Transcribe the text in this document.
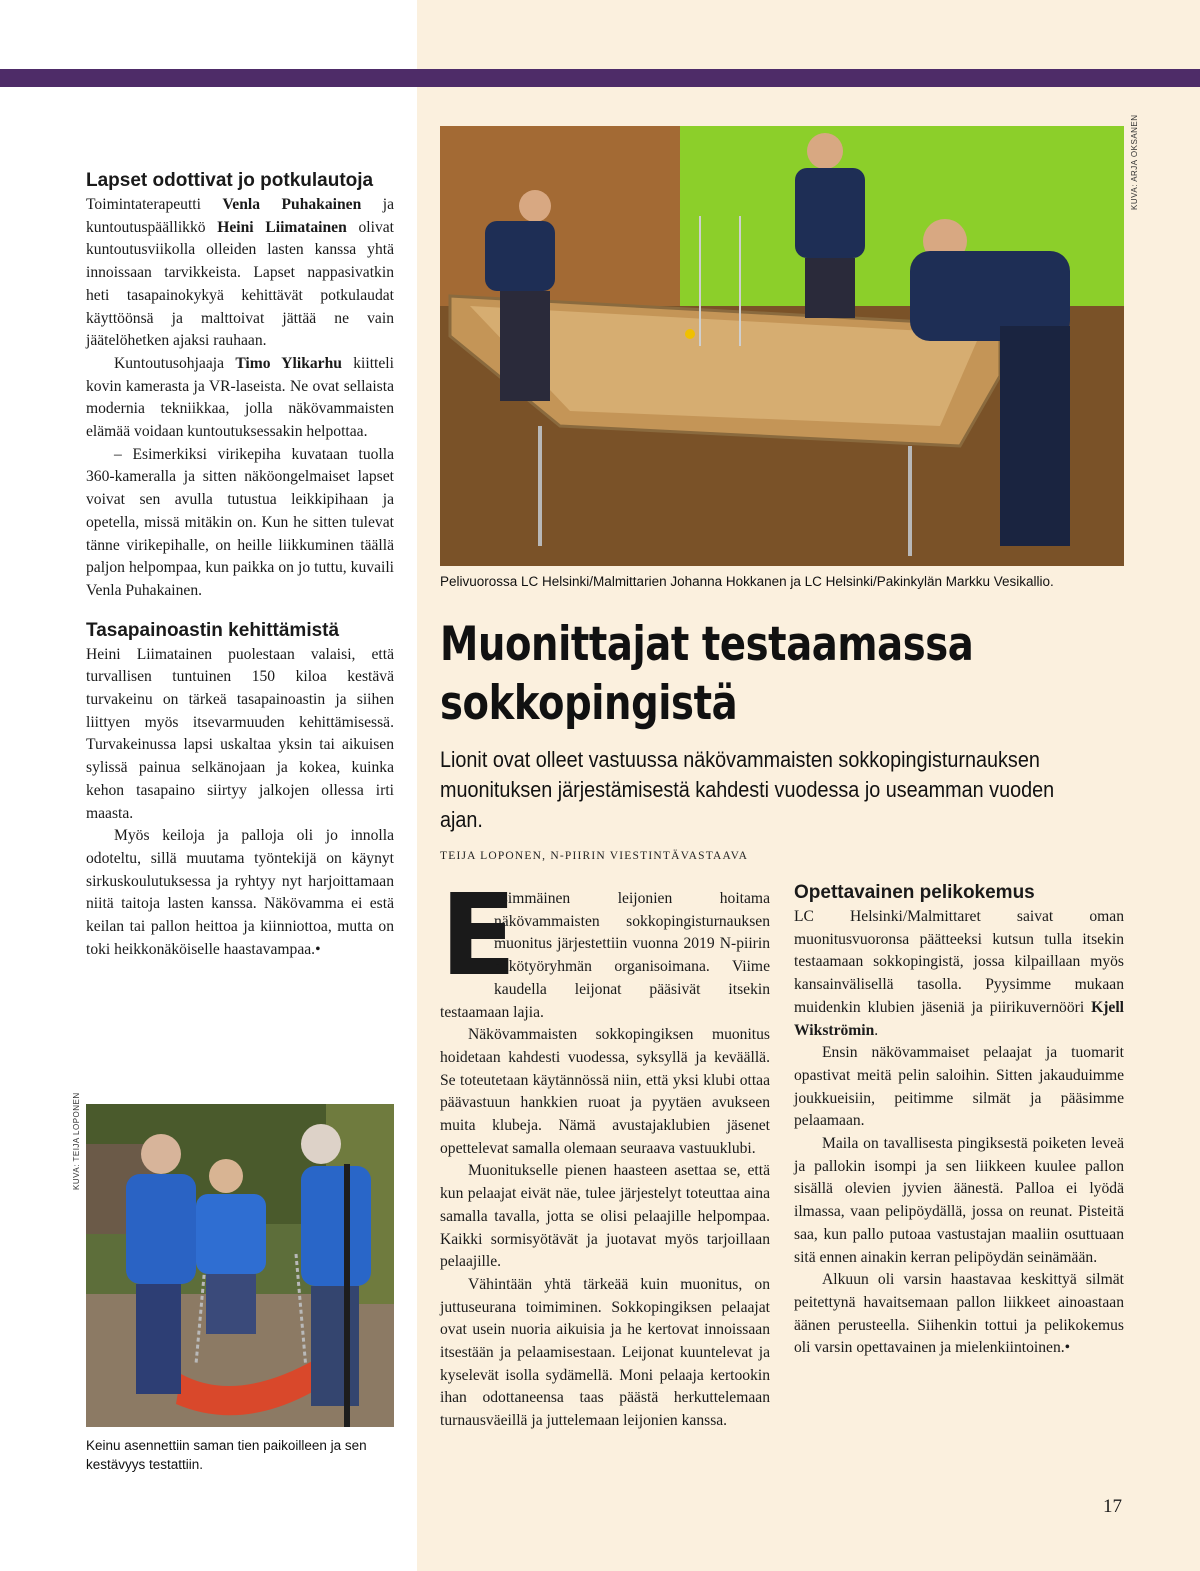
Lapset odottivat jo potkulautoja

Toimintaterapeutti Venla Puhakainen ja kuntoutuspäällikkö Heini Liimatainen olivat kuntoutusviikolla olleiden lasten kanssa yhtä innoissaan tarvikkeista. Lapset nappasivatkin heti tasapainokykyä kehittävät potkulaudat käyttöönsä ja malttoivat jättää ne vain jäätelöhetken ajaksi rauhaan.

Kuntoutusohjaaja Timo Ylikarhu kiitteli kovin kamerasta ja VR-laseista. Ne ovat sellaista modernia tekniikkaa, jolla näkövammaisten elämää voidaan kuntoutuksessakin helpottaa.

– Esimerkiksi virikepiha kuvataan tuolla 360-kameralla ja sitten näköongelmaiset lapset voivat sen avulla tutustua leikkipihaan ja opetella, missä mitäkin on. Kun he sitten tulevat tänne virikepihalle, on heille liikkuminen täällä paljon helpompaa, kun paikka on jo tuttu, kuvaili Venla Puhakainen.

Tasapainoastin kehittämistä

Heini Liimatainen puolestaan valaisi, että turvallisen tuntuinen 150 kiloa kestävä turvakeinu on tärkeä tasapainoastin ja siihen liittyen myös itsevarmuuden kehittämisessä. Turvakeinussa lapsi uskaltaa yksin tai aikuisen sylissä painua selkänojaan ja kokea, kuinka kehon tasapaino siirtyy jalkojen ollessa irti maasta.

Myös keiloja ja palloja oli jo innolla odoteltu, sillä muutama työntekijä on käynyt sirkuskoulutuksessa ja ryhtyy nyt harjoittamaan niitä taitoja lasten kanssa. Näkövamma ei estä keilan tai pallon heittoa ja kiinniottoa, mutta on toki heikkonäköiselle haastavampaa.•

KUVA: TEIJA LOPONEN
Keinu asennettiin saman tien paikoilleen ja sen kestävyys testattiin.
KUVA: ARJA OKSANEN
Pelivuorossa LC Helsinki/Malmittarien Johanna Hokkanen ja LC Helsinki/Pakinkylän Markku Vesikallio.
Muonittajat testaamassa sokkopingistä
Lionit ovat olleet vastuussa näkövammaisten sokkopingisturnauksen muonituksen järjestämisestä kahdesti vuodessa jo useamman vuoden ajan.
TEIJA LOPONEN, N-PIIRIN VIESTINTÄVASTAAVA

E
nsimmäinen leijonien hoitama näkövammaisten sokkopingisturnauksen muonitus järjestettiin vuonna 2019 N-piirin näkötyöryhmän organisoimana. Viime kaudella leijonat pääsivät itsekin testaamaan lajia.

Näkövammaisten sokkopingiksen muonitus hoidetaan kahdesti vuodessa, syksyllä ja keväällä. Se toteutetaan käytännössä niin, että yksi klubi ottaa päävastuun hankkien ruoat ja pyytäen avukseen muita klubeja. Nämä avustajaklubien jäsenet opettelevat samalla olemaan seuraava vastuuklubi.

Muonitukselle pienen haasteen asettaa se, että kun pelaajat eivät näe, tulee järjestelyt toteuttaa aina samalla tavalla, jotta se olisi pelaajille helpompaa. Kaikki sormisyötävät ja juotavat myös tarjoillaan pelaajille.

Vähintään yhtä tärkeää kuin muonitus, on juttuseurana toimiminen. Sokkopingiksen pelaajat ovat usein nuoria aikuisia ja he kertovat innoissaan itsestään ja pelaamisestaan. Leijonat kuuntelevat ja kyselevät isolla sydämellä. Moni pelaaja kertookin ihan odottaneensa taas päästä herkuttelemaan turnausväeillä ja juttelemaan leijonien kanssa.

Opettavainen pelikokemus

LC Helsinki/Malmittaret saivat oman muonitusvuoronsa päätteeksi kutsun tulla itsekin testaamaan sokkopingistä, jossa kilpaillaan myös kansainvälisellä tasolla. Pyysimme mukaan muidenkin klubien jäseniä ja piirikuvernööri Kjell Wikströmin.

Ensin näkövammaiset pelaajat ja tuomarit opastivat meitä pelin saloihin. Sitten jakauduimme joukkueisiin, peitimme silmät ja pääsimme pelaamaan.

Maila on tavallisesta pingiksestä poiketen leveä ja pallokin isompi ja sen liikkeen kuulee pallon sisällä olevien jyvien äänestä. Palloa ei lyödä ilmassa, vaan pelipöydällä, jossa on reunat. Pisteitä saa, kun pallo putoaa vastustajan maaliin osuttuaan sitä ennen ainakin kerran pelipöydän seinämään.

Alkuun oli varsin haastavaa keskittyä silmät peitettynä havaitsemaan pallon liikkeet ainoastaan äänen perusteella. Siihenkin tottui ja pelikokemus oli varsin opettavainen ja mielenkiintoinen.•

17
